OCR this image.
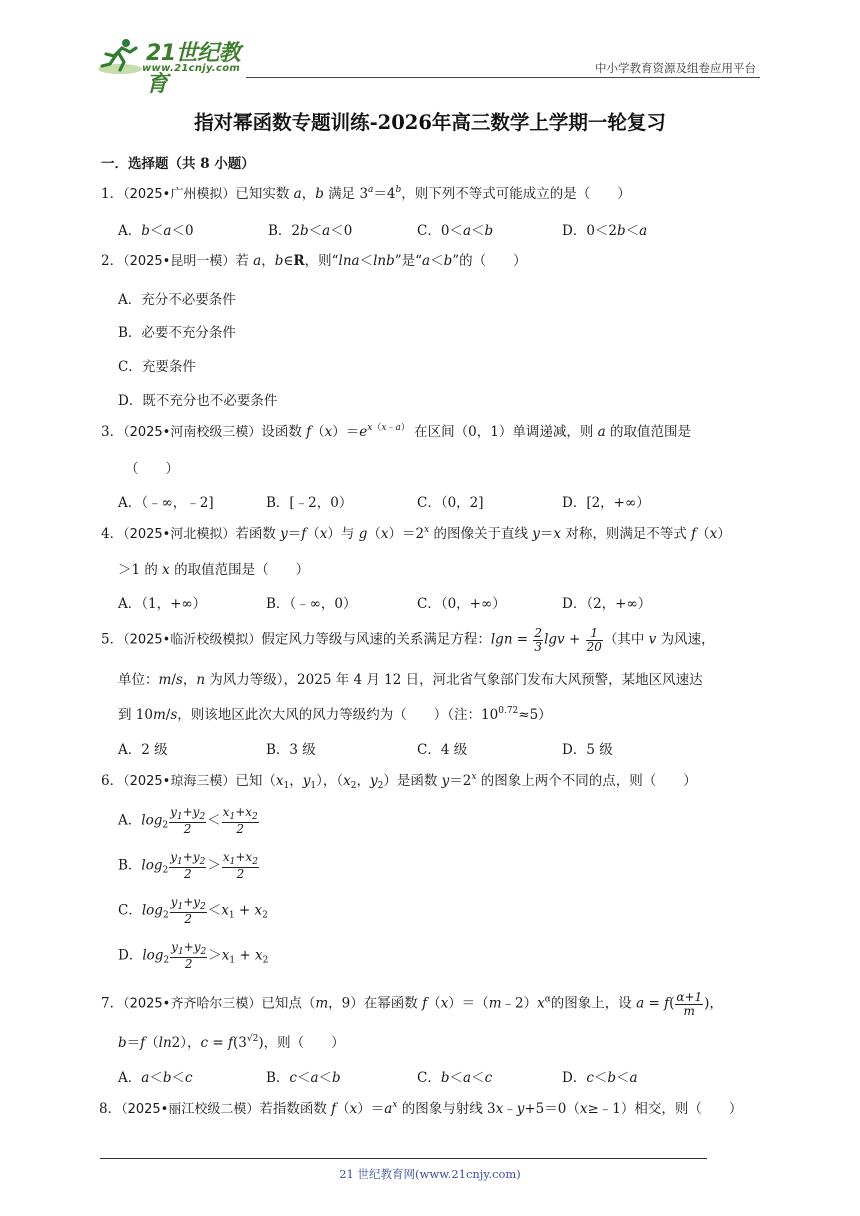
21世纪教育
www.21cnjy.com	中小学教育资源及组卷应用平台
指对幂函数专题训练-2026年高三数学上学期一轮复习
一．选择题（共 8 小题）
1．（2025•广州模拟）已知实数 a，b 满足 $3^a=4^b$，则下列不等式可能成立的是（　　）
A．b＜a＜0	B．2b＜a＜0	C．0＜a＜b	D．0＜2b＜a
2．（2025•昆明一模）若 a，b∈R，则“lna＜lnb”是“a＜b”的（　　）
A．充分不必要条件
B．必要不充分条件
C．充要条件
D．既不充分也不必要条件
3．（2025•河南校级三模）设函数 $f(x)=e^{x(x﹣a)}$ 在区间（0，1）单调递减，则 a 的取值范围是
（　　）
A．（﹣∞，﹣2]	B．[﹣2，0）	C．（0，2]	D．[2，+∞）
4．（2025•河北模拟）若函数 y＝f（x）与 $g(x)=2^x$ 的图像关于直线 y＝x 对称，则满足不等式 f（x）
＞1 的 x 的取值范围是（　　）
A．（1，+∞）	B．（﹣∞，0）	C．（0，+∞）	D．（2，+∞）
5．（2025•临沂校级模拟）假定风力等级与风速的关系满足方程：$\lg n = \frac{2}{3}$ $\lg v + \frac{1}{20}$ （其中 v 为风速，
单位：m/s，n 为风力等级），2025 年 4 月 12 日，河北省气象部门发布大风预警，某地区风速达
到 10m/s，则该地区此次大风的风力等级约为（　　）（注：$10^{0.72}\approx 5$）
A．2 级	B．3 级	C．4 级	D．5 级
6．（2025•琼海三模）已知（$x_1$，$y_1$），（$x_2$，$y_2$）是函数 $y=2^x$ 的图象上两个不同的点，则（　　）
A．$\log_2 \frac{y_1+y_2}{2} < \frac{x_1+x_2}{2}$
B．$\log_2 \frac{y_1+y_2}{2} > \frac{x_1+x_2}{2}$
C．$\log_2 \frac{y_1+y_2}{2} <x_1 + x_2$
D．$\log_2 \frac{y_1+y_2}{2} >x_1 + x_2$
7．（2025•齐齐哈尔三模）已知点（m，9）在幂函数 $f(x)=(m﹣2)x^\alpha$的图象上，设 $a = f( \frac{\alpha+1}{m}$ )，
b＝f（ln2），$c = f(3^{√2})$，则（　　）
A．a＜b＜c	B．c＜a＜b	C．b＜a＜c	D．c＜b＜a
8．（2025•丽江校级二模）若指数函数 $f(x)=a^x$ 的图象与射线 3x﹣y+5＝0（x≥﹣1）相交，则（　　）
21 世纪教育网(www.21cnjy.com)
